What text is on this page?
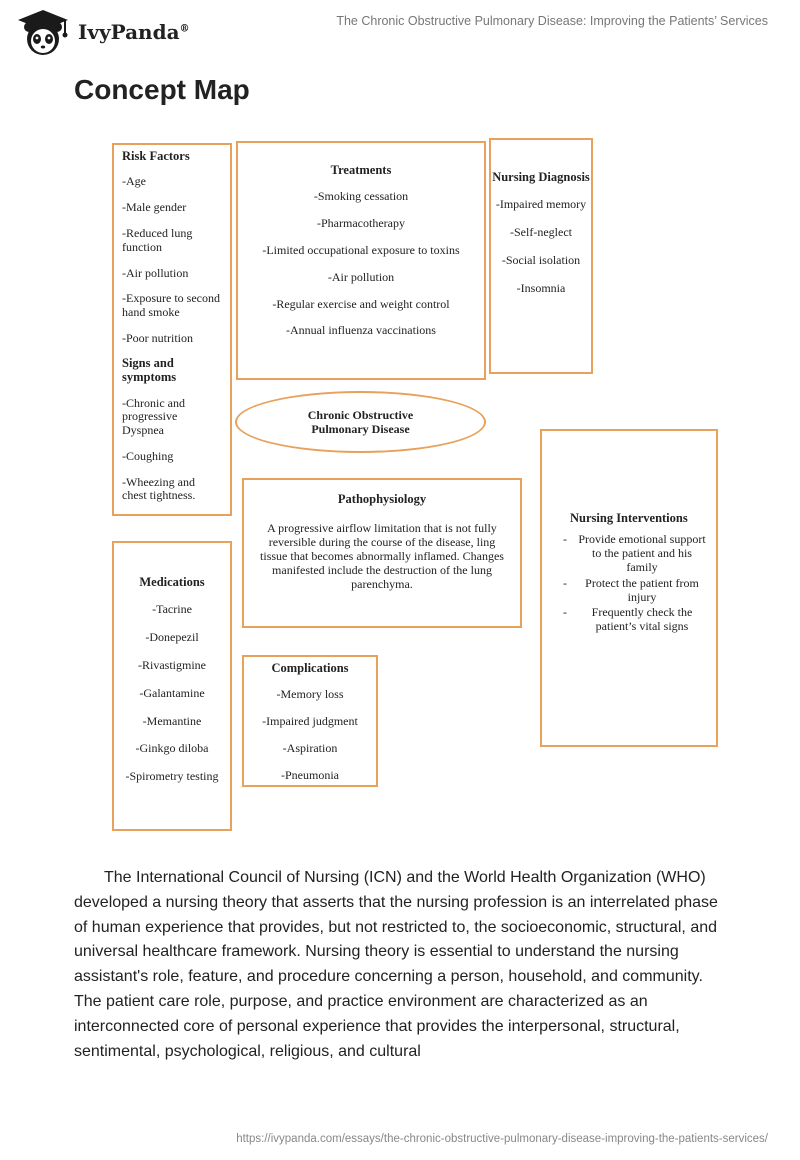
IvyPanda®
The Chronic Obstructive Pulmonary Disease: Improving the Patients’ Services
Concept Map
Risk Factors
-Age
-Male gender
-Reduced lung function
-Air pollution
-Exposure to second hand smoke
-Poor nutrition
Signs and symptoms
-Chronic and progressive Dyspnea
-Coughing
-Wheezing and chest tightness.
Treatments
-Smoking cessation
-Pharmacotherapy
-Limited occupational exposure to toxins
-Air pollution
-Regular exercise and weight control
-Annual influenza vaccinations
Nursing Diagnosis
-Impaired memory
-Self-neglect
-Social isolation
-Insomnia
Chronic Obstructive Pulmonary Disease
Pathophysiology
A progressive airflow limitation that is not fully reversible during the course of the disease, ling tissue that becomes abnormally inflamed. Changes manifested include the destruction of the lung parenchyma.
Nursing Interventions
- Provide emotional support to the patient and his family
-	Protect the patient from injury
-	Frequently check the patient’s vital signs
Medications
-Tacrine
-Donepezil
-Rivastigmine
-Galantamine
-Memantine
-Ginkgo diloba
-Spirometry testing
Complications
-Memory loss
-Impaired judgment
-Aspiration
-Pneumonia

The International Council of Nursing (ICN) and the World Health Organization (WHO) developed a nursing theory that asserts that the nursing profession is an interrelated phase of human experience that provides, but not restricted to, the socioeconomic, structural, and universal healthcare framework. Nursing theory is essential to understand the nursing assistant's role, feature, and procedure concerning a person, household, and community. The patient care role, purpose, and practice environment are characterized as an interconnected core of personal experience that provides the interpersonal, structural, sentimental, psychological, religious, and cultural

https://ivypanda.com/essays/the-chronic-obstructive-pulmonary-disease-improving-the-patients-services/
